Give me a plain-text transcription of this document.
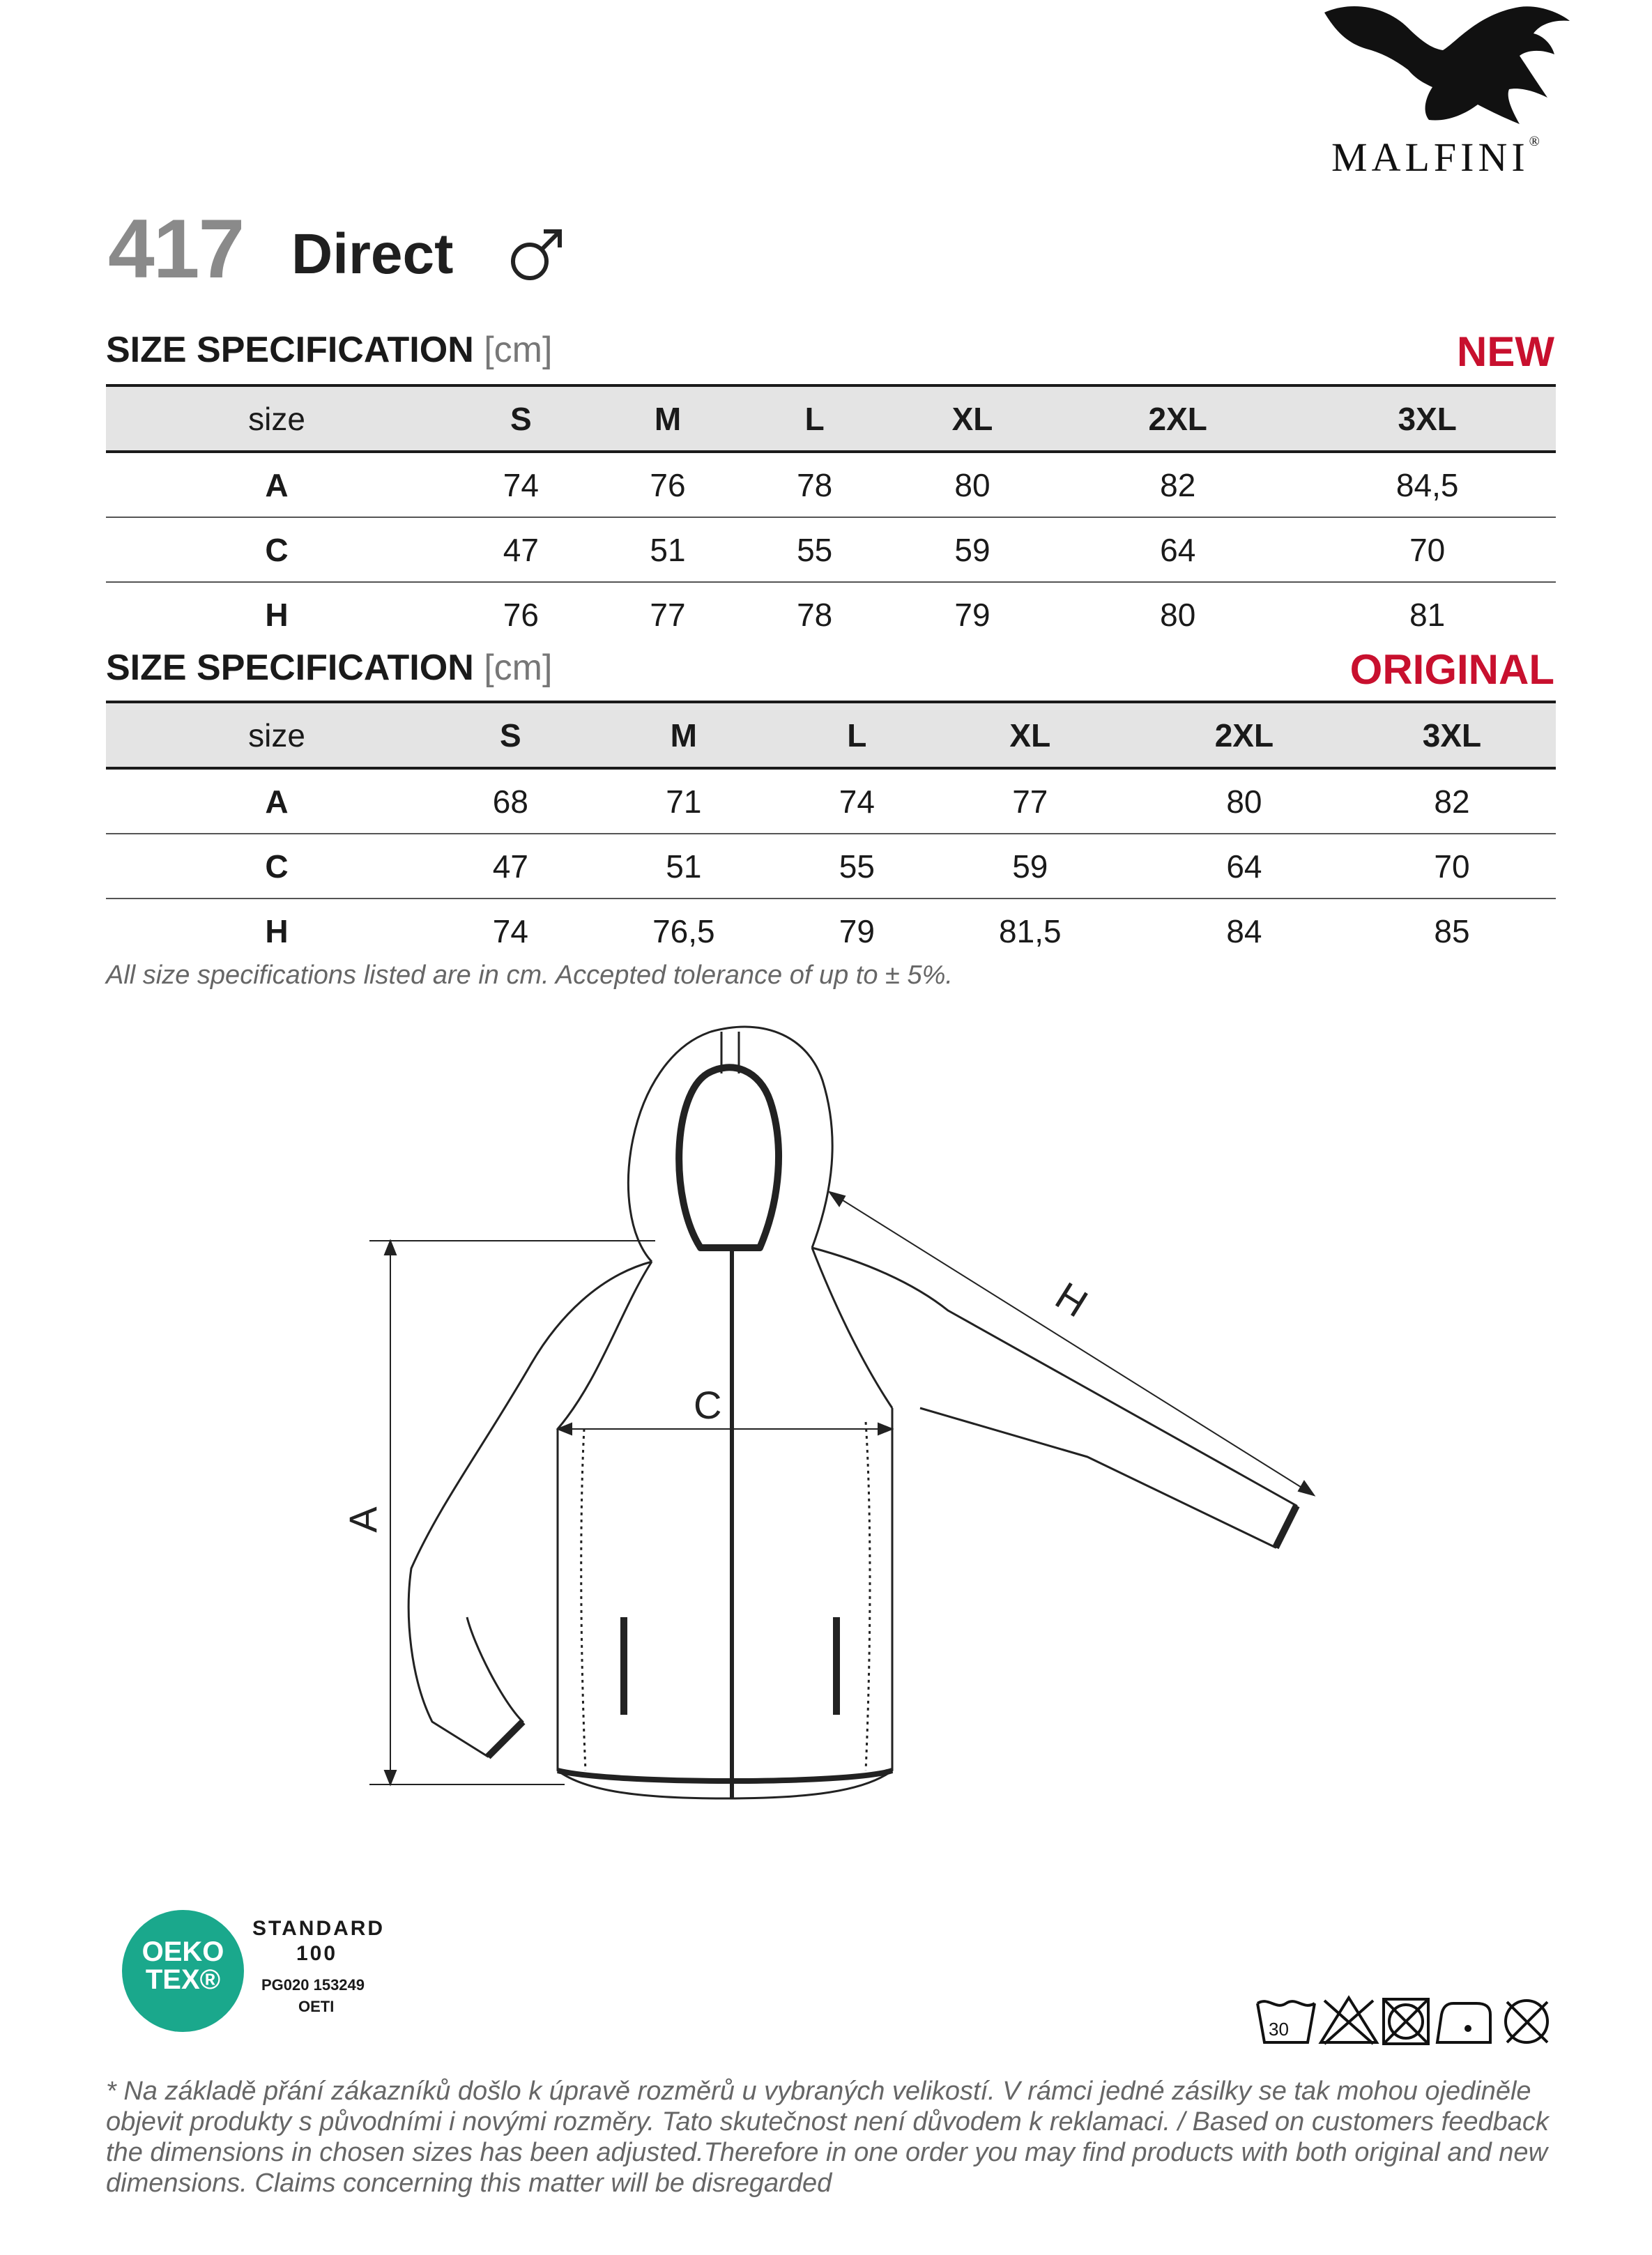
MALFINI®
417 Direct
SIZE SPECIFICATION [cm]	NEW
size	S	M	L	XL	2XL	3XL
A	74	76	78	80	82	84,5
C	47	51	55	59	64	70
H	76	77	78	79	80	81
SIZE SPECIFICATION [cm]	ORIGINAL
size	S	M	L	XL	2XL	3XL
A	68	71	74	77	80	82
C	47	51	55	59	64	70
H	74	76,5	79	81,5	84	85
All size specifications listed are in cm. Accepted tolerance of up to ± 5%.
A
C
H
OEKO
TEX®
STANDARD
100
PG020 153249
OETI
30
* Na základě přání zákazníků došlo k úpravě rozměrů u vybraných velikostí. V rámci jedné zásilky se tak mohou ojediněle objevit produkty s původními i novými rozměry. Tato skutečnost není důvodem k reklamaci. / Based on customers feedback the dimensions in chosen sizes has been adjusted.Therefore in one order you may find products with both original and new dimensions. Claims concerning this matter will be disregarded
